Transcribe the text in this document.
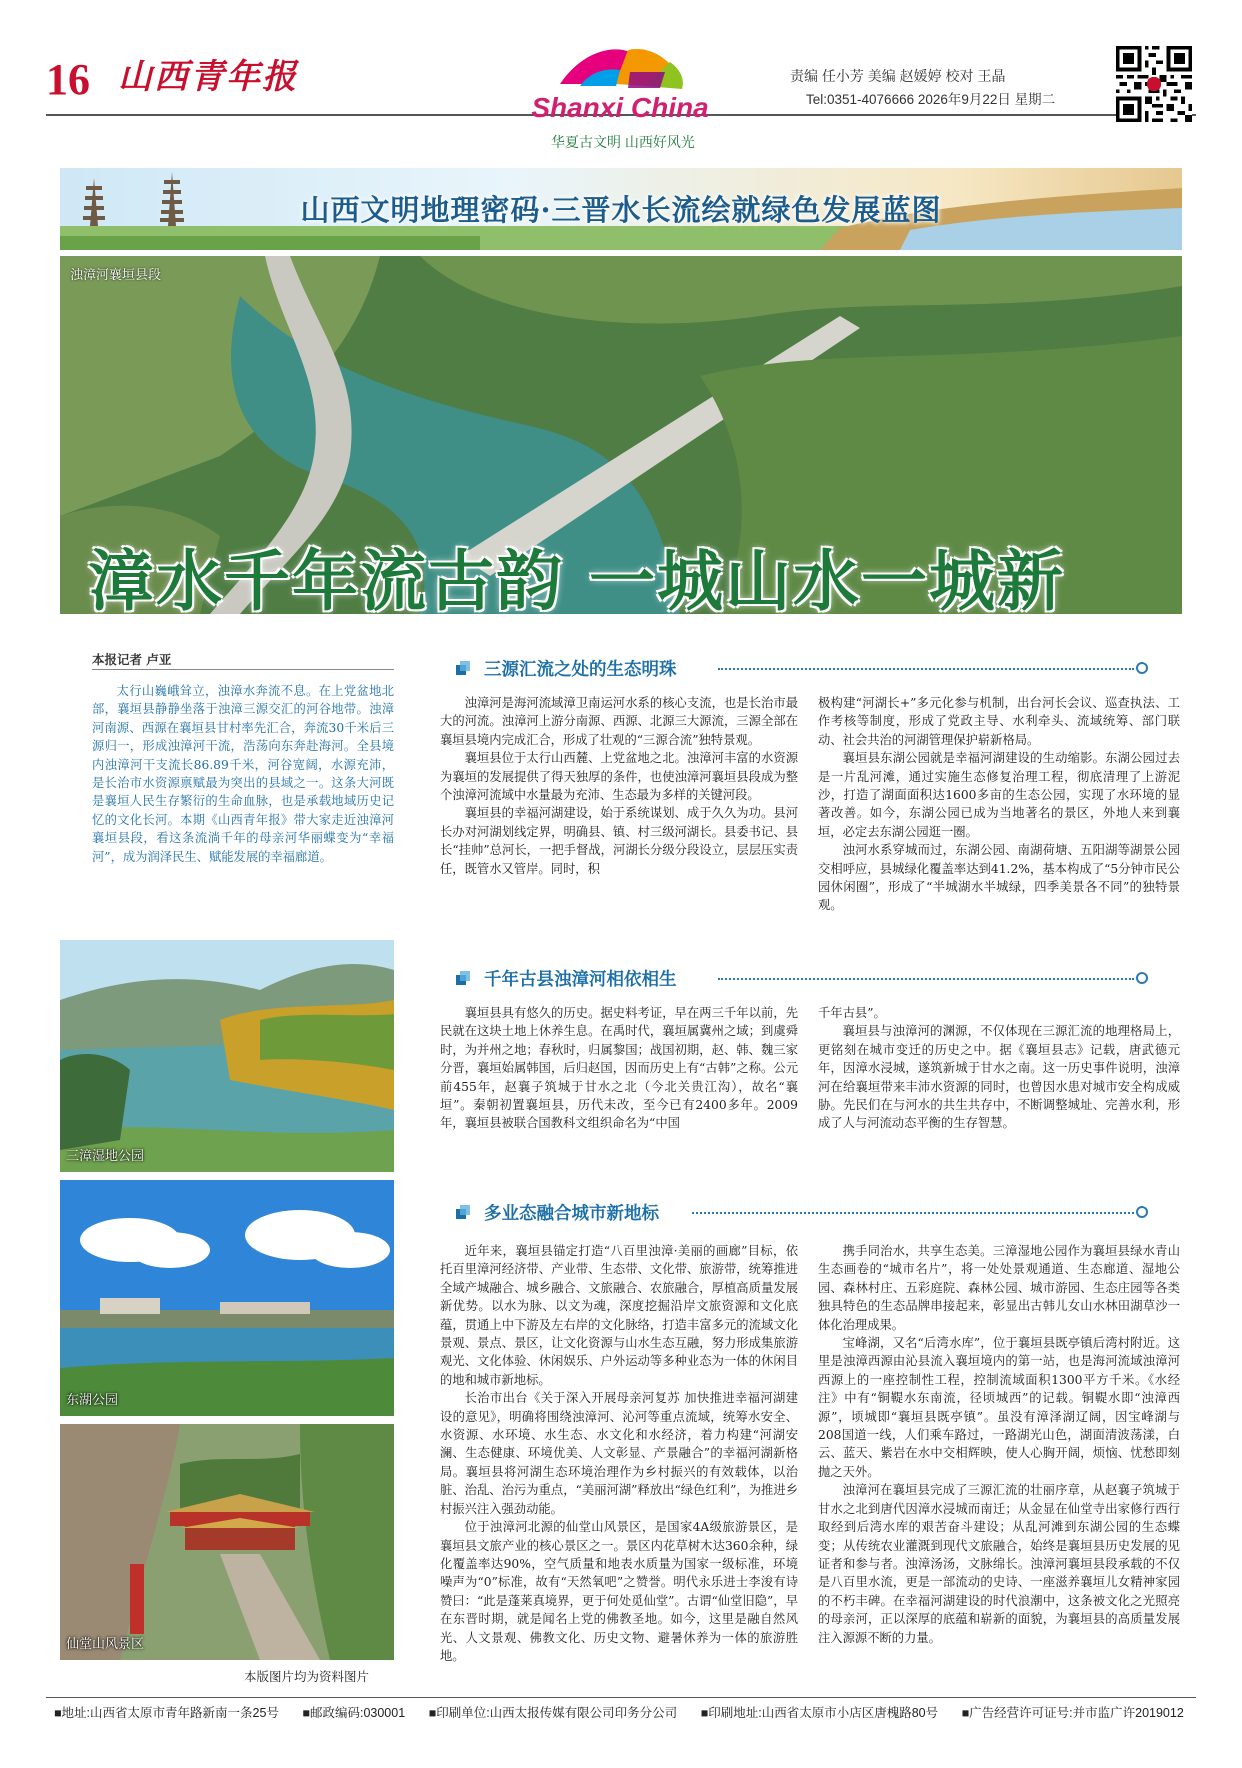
16 山西青年报
Shanxi China
华夏古文明 山西好风光
责编 任小芳 美编 赵媛婷 校对 王晶
Tel:0351-4076666 2026年9月22日 星期二
山西文明地理密码·三晋水长流绘就绿色发展蓝图
浊漳河襄垣县段
漳水千年流古韵 一城山水一城新
本报记者 卢亚
太行山巍峨耸立，浊漳水奔流不息。在上党盆地北部，襄垣县静静坐落于浊漳三源交汇的河谷地带。浊漳河南源、西源在襄垣县甘村率先汇合，奔流30千米后三源归一，形成浊漳河干流，浩荡向东奔赴海河。全县境内浊漳河干支流长86.89千米，河谷宽阔，水源充沛，是长治市水资源禀赋最为突出的县域之一。这条大河既是襄垣人民生存繁衍的生命血脉，也是承载地域历史记忆的文化长河。本期《山西青年报》带大家走近浊漳河襄垣县段，看这条流淌千年的母亲河华丽蝶变为“幸福河”，成为润泽民生、赋能发展的幸福廊道。
三漳湿地公园
东湖公园
仙堂山风景区
本版图片均为资料图片
三源汇流之处的生态明珠

浊漳河是海河流域漳卫南运河水系的核心支流，也是长治市最大的河流。浊漳河上游分南源、西源、北源三大源流，三源全部在襄垣县境内完成汇合，形成了壮观的“三源合流”独特景观。

襄垣县位于太行山西麓、上党盆地之北。浊漳河丰富的水资源为襄垣的发展提供了得天独厚的条件，也使浊漳河襄垣县段成为整个浊漳河流域中水量最为充沛、生态最为多样的关键河段。

襄垣县的幸福河湖建设，始于系统谋划、成于久久为功。县河长办对河湖划线定界，明确县、镇、村三级河湖长。县委书记、县长“挂帅”总河长，一把手督战，河湖长分级分段设立，层层压实责任，既管水又管岸。同时，积

极构建“河湖长+”多元化参与机制，出台河长会议、巡查执法、工作考核等制度，形成了党政主导、水利牵头、流域统筹、部门联动、社会共治的河湖管理保护崭新格局。

襄垣县东湖公园就是幸福河湖建设的生动缩影。东湖公园过去是一片乱河滩，通过实施生态修复治理工程，彻底清理了上游泥沙，打造了湖面面积达1600多亩的生态公园，实现了水环境的显著改善。如今，东湖公园已成为当地著名的景区，外地人来到襄垣，必定去东湖公园逛一圈。

浊河水系穿城而过，东湖公园、南湖荷塘、五阳湖等湖景公园交相呼应，县城绿化覆盖率达到41.2%，基本构成了“5分钟市民公园休闲圈”，形成了“半城湖水半城绿，四季美景各不同”的独特景观。

千年古县浊漳河相依相生

襄垣县具有悠久的历史。据史料考证，早在两三千年以前，先民就在这块土地上休养生息。在禹时代，襄垣属冀州之域；到虞舜时，为并州之地；春秋时，归属黎国；战国初期，赵、韩、魏三家分晋，襄垣始属韩国，后归赵国，因而历史上有“古韩”之称。公元前455年，赵襄子筑城于甘水之北（今北关贵江沟），故名“襄垣”。秦朝初置襄垣县，历代未改，至今已有2400多年。2009年，襄垣县被联合国教科文组织命名为“中国

千年古县”。

襄垣县与浊漳河的渊源，不仅体现在三源汇流的地理格局上，更铭刻在城市变迁的历史之中。据《襄垣县志》记载，唐武德元年，因漳水浸城，遂筑新城于甘水之南。这一历史事件说明，浊漳河在给襄垣带来丰沛水资源的同时，也曾因水患对城市安全构成威胁。先民们在与河水的共生共存中，不断调整城址、完善水利，形成了人与河流动态平衡的生存智慧。

多业态融合城市新地标

近年来，襄垣县锚定打造“八百里浊漳·美丽的画廊”目标，依托百里漳河经济带、产业带、生态带、文化带、旅游带，统筹推进全域产城融合、城乡融合、文旅融合、农旅融合，厚植高质量发展新优势。以水为脉、以文为魂，深度挖掘沿岸文旅资源和文化底蕴，贯通上中下游及左右岸的文化脉络，打造丰富多元的流域文化景观、景点、景区，让文化资源与山水生态互融，努力形成集旅游观光、文化体验、休闲娱乐、户外运动等多种业态为一体的休闲目的地和城市新地标。

长治市出台《关于深入开展母亲河复苏 加快推进幸福河湖建设的意见》，明确将围绕浊漳河、沁河等重点流域，统筹水安全、水资源、水环境、水生态、水文化和水经济，着力构建“河湖安澜、生态健康、环境优美、人文彰显、产景融合”的幸福河湖新格局。襄垣县将河湖生态环境治理作为乡村振兴的有效载体，以治脏、治乱、治污为重点，“美丽河湖”释放出“绿色红利”，为推进乡村振兴注入强劲动能。

位于浊漳河北源的仙堂山风景区，是国家4A级旅游景区，是襄垣县文旅产业的核心景区之一。景区内花草树木达360余种，绿化覆盖率达90%，空气质量和地表水质量为国家一级标准，环境噪声为“0”标准，故有“天然氧吧”之赞誉。明代永乐进士李浚有诗赞曰：“此是蓬莱真境界，更于何处觅仙堂”。古谓“仙堂旧隐”，早在东晋时期，就是闻名上党的佛教圣地。如今，这里是融自然风光、人文景观、佛教文化、历史文物、避暑休养为一体的旅游胜地。

携手同治水，共享生态美。三漳湿地公园作为襄垣县绿水青山生态画卷的“城市名片”，将一处处景观通道、生态廊道、湿地公园、森林村庄、五彩庭院、森林公园、城市游园、生态庄园等各类独具特色的生态品牌串接起来，彰显出古韩儿女山水林田湖草沙一体化治理成果。

宝峰湖，又名“后湾水库”，位于襄垣县既亭镇后湾村附近。这里是浊漳西源由沁县流入襄垣境内的第一站，也是海河流域浊漳河西源上的一座控制性工程，控制流域面积1300平方千米。《水经注》中有“铜鞮水东南流，径顷城西”的记载。铜鞮水即“浊漳西源”，顷城即“襄垣县既亭镇”。虽没有漳泽湖辽阔，因宝峰湖与208国道一线，人们乘车路过，一路湖光山色，湖面清波荡漾，白云、蓝天、紫岩在水中交相辉映，使人心胸开阔，烦恼、忧愁即刻抛之天外。

浊漳河在襄垣县完成了三源汇流的壮丽序章，从赵襄子筑城于甘水之北到唐代因漳水浸城而南迁；从金显在仙堂寺出家修行西行取经到后湾水库的艰苦奋斗建设；从乱河滩到东湖公园的生态蝶变；从传统农业灌溉到现代文旅融合，始终是襄垣县历史发展的见证者和参与者。浊漳汤汤，文脉绵长。浊漳河襄垣县段承载的不仅是八百里水流，更是一部流动的史诗、一座滋养襄垣儿女精神家园的不朽丰碑。在幸福河湖建设的时代浪潮中，这条被文化之光照亮的母亲河，正以深厚的底蕴和崭新的面貌，为襄垣县的高质量发展注入源源不断的力量。

■地址:山西省太原市青年路新南一条25号 ■邮政编码:030001 ■印刷单位:山西太报传媒有限公司印务分公司 ■印刷地址:山西省太原市小店区唐槐路80号 ■广告经营许可证号:并市监广许2019012
